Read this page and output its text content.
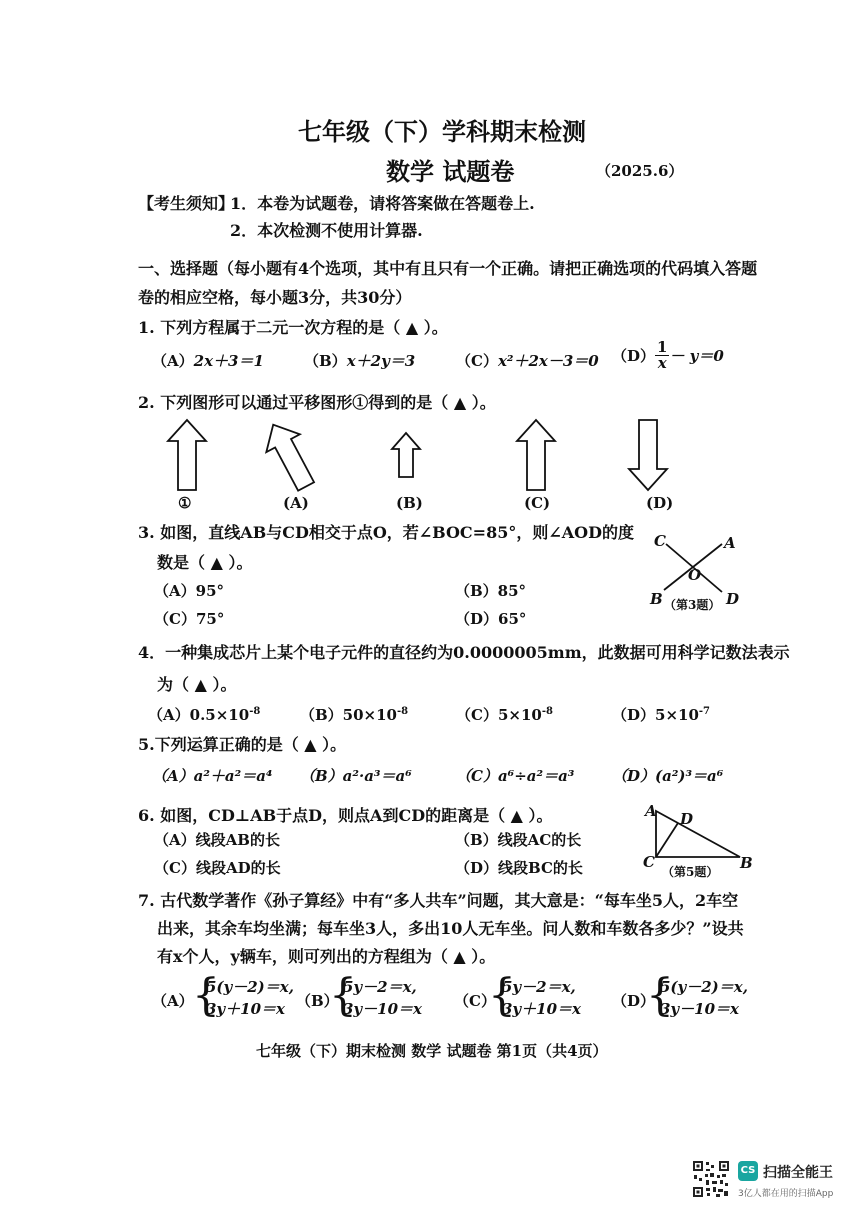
七年级（下）学科期末检测
数学 试题卷	（2025.6）
【考生须知】
1．本卷为试题卷，请将答案做在答题卷上.
2．本次检测不使用计算器.
一、选择题（每小题有4个选项，其中有且只有一个正确。请把正确选项的代码填入答题
卷的相应空格，每小题3分，共30分）
1. 下列方程属于二元一次方程的是（ ▲ ）。
（A）2x＋3＝1	（B）x＋2y＝3	（C）x²＋2x－3＝0 $(D) \frac{1}{x} - y=0$
2. 下列图形可以通过平移图形①得到的是（ ▲ ）。
①	(A)	(B)	(C)	(D)
3. 如图，直线AB与CD相交于点O，若∠BOC=85°，则∠AOD的度
数是（ ▲ ）。
（A）95°	（B）85°
（C）75°	（D）65°
C	A
O
B	D
（第3题）
4．一种集成芯片上某个电子元件的直径约为0.0000005mm，此数据可用科学记数法表示
为（ ▲ ）。
$(A)0.5\times 10^{-8}$	$(B)50\times 10^{-8}$	$(C)5\times 10^{-8}$	$(D)5\times 10^{-7}$
5.下列运算正确的是（ ▲ ）。
（A）a²＋a²＝a⁴ （B）a²·a³＝a⁶	（C）a⁶÷a²＝a³	（D）(a²)³＝a⁶
6. 如图，CD⊥AB于点D，则点A到CD的距离是（ ▲ ）。
（A）线段AB的长	（B）线段AC的长
（C）线段AD的长	（D）线段BC的长
A D
C	B
（第5题）
7. 古代数学著作《孙子算经》中有“多人共车”问题，其大意是：“每车坐5人，2车空
出来，其余车均坐满；每车坐3人，多出10人无车坐。问人数和车数各多少？”设共
有x个人，y辆车，则可列出的方程组为（ ▲ ）。
（A）
{
5(y－2)＝x,
3y＋10＝x （B）
{
5y－2＝x,
3y－10＝x （C）
{
5y－2＝x,
3y＋10＝x （D）
{
5(y－2)＝x,
3y－10＝x
七年级（下）期末检测 数学 试题卷 第1页（共4页）
CS 扫描全能王
3亿人都在用的扫描App
